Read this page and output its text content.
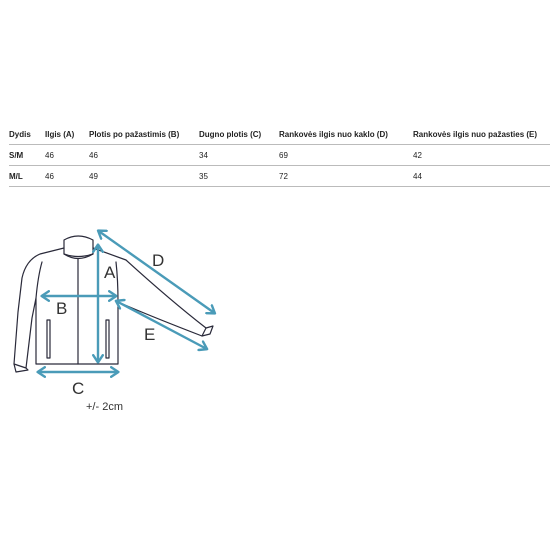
Dydis	Ilgis (A)	Plotis po pažastimis (B)	Dugno plotis (C)	Rankovės ilgis nuo kaklo (D)	Rankovės ilgis nuo pažasties (E)
S/M	46	46	34	69	42
M/L	46	49	35	72	44
A
B
C
D
E
+/- 2cm
